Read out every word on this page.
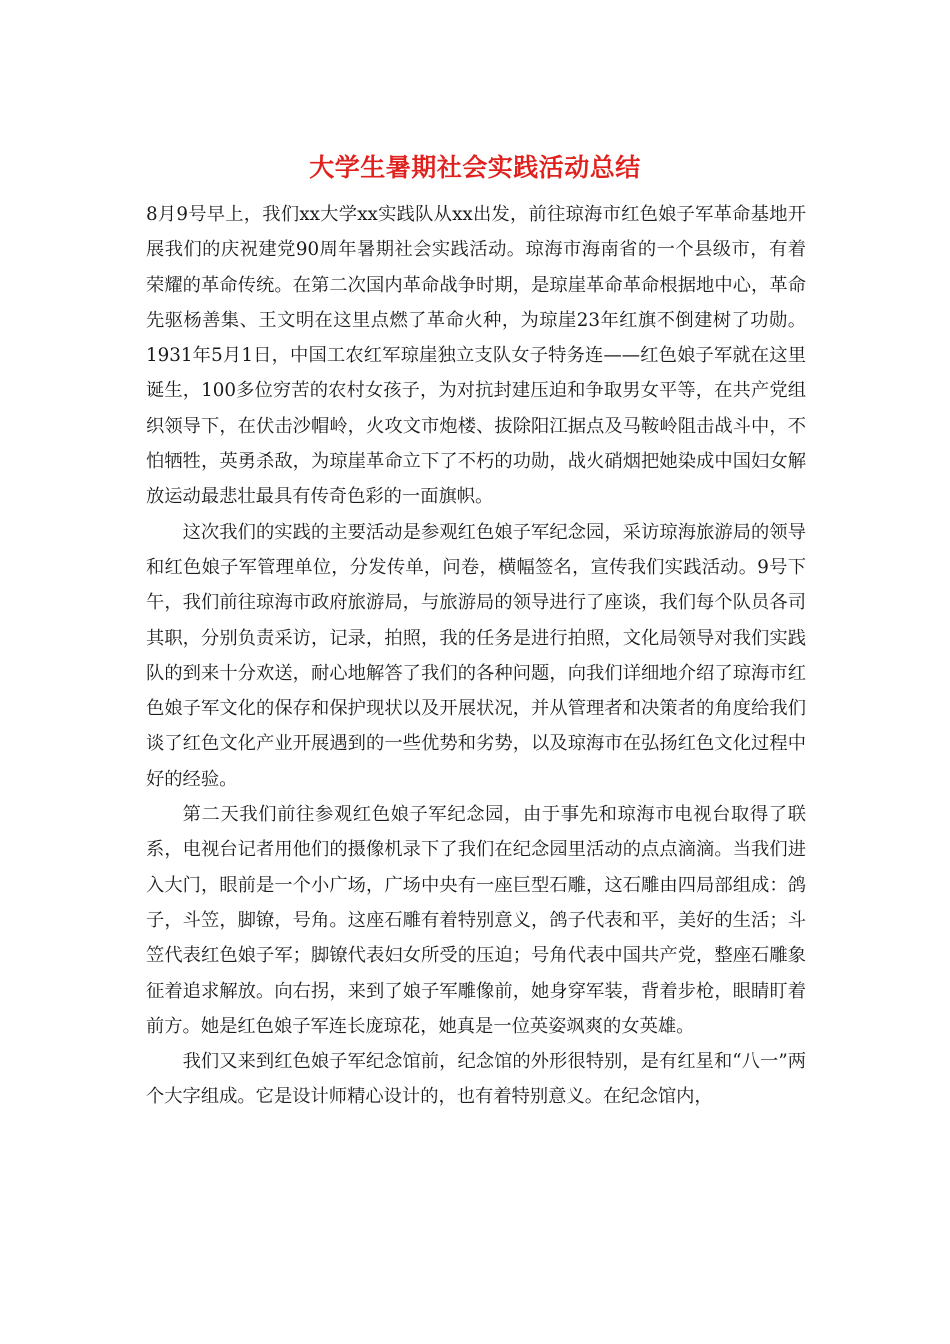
大学生暑期社会实践活动总结

8月9号早上，我们xx大学xx实践队从xx出发，前往琼海市红色娘子军革命基地开展我们的庆祝建党90周年暑期社会实践活动。琼海市海南省的一个县级市，有着荣耀的革命传统。在第二次国内革命战争时期，是琼崖革命革命根据地中心，革命先驱杨善集、王文明在这里点燃了革命火种，为琼崖23年红旗不倒建树了功勋。1931年5月1日，中国工农红军琼崖独立支队女子特务连——红色娘子军就在这里诞生，100多位穷苦的农村女孩子，为对抗封建压迫和争取男女平等，在共产党组织领导下，在伏击沙帽岭，火攻文市炮楼、拔除阳江据点及马鞍岭阻击战斗中，不怕牺牲，英勇杀敌，为琼崖革命立下了不朽的功勋，战火硝烟把她染成中国妇女解放运动最悲壮最具有传奇色彩的一面旗帜。

这次我们的实践的主要活动是参观红色娘子军纪念园，采访琼海旅游局的领导和红色娘子军管理单位，分发传单，问卷，横幅签名，宣传我们实践活动。9号下午，我们前往琼海市政府旅游局，与旅游局的领导进行了座谈，我们每个队员各司其职，分别负责采访，记录，拍照，我的任务是进行拍照，文化局领导对我们实践队的到来十分欢送，耐心地解答了我们的各种问题，向我们详细地介绍了琼海市红色娘子军文化的保存和保护现状以及开展状况，并从管理者和决策者的角度给我们谈了红色文化产业开展遇到的一些优势和劣势，以及琼海市在弘扬红色文化过程中好的经验。

第二天我们前往参观红色娘子军纪念园，由于事先和琼海市电视台取得了联系，电视台记者用他们的摄像机录下了我们在纪念园里活动的点点滴滴。当我们进入大门，眼前是一个小广场，广场中央有一座巨型石雕，这石雕由四局部组成：鸽子，斗笠，脚镣，号角。这座石雕有着特别意义，鸽子代表和平，美好的生活；斗笠代表红色娘子军；脚镣代表妇女所受的压迫；号角代表中国共产党，整座石雕象征着追求解放。向右拐，来到了娘子军雕像前，她身穿军装，背着步枪，眼睛盯着前方。她是红色娘子军连长庞琼花，她真是一位英姿飒爽的女英雄。

我们又来到红色娘子军纪念馆前，纪念馆的外形很特别，是有红星和“八一”两个大字组成。它是设计师精心设计的，也有着特别意义。在纪念馆内，
